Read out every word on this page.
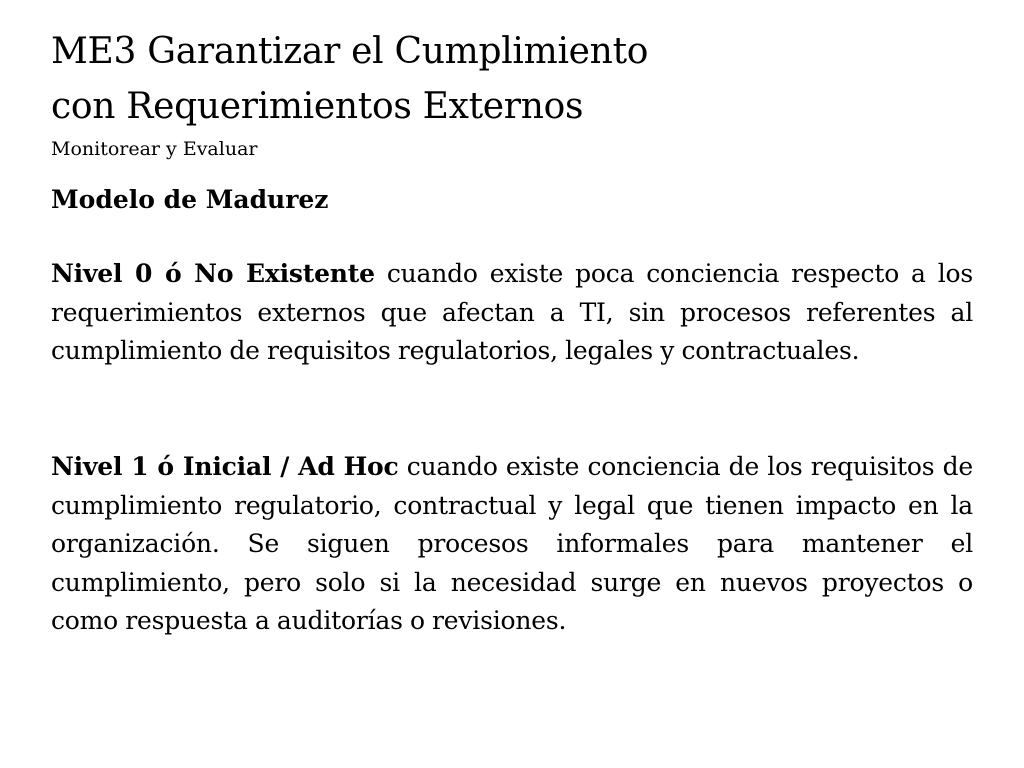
ME3 Garantizar el Cumplimiento
con Requerimientos Externos
Monitorear y Evaluar
Modelo de Madurez

Nivel 0 ó No Existente cuando existe poca conciencia respecto a los requerimientos externos que afectan a TI, sin procesos referentes al cumplimiento de requisitos regulatorios, legales y contractuales.

Nivel 1 ó Inicial / Ad Hoc cuando existe conciencia de los requisitos de cumplimiento regulatorio, contractual y legal que tienen impacto en la organización. Se siguen procesos informales para mantener el cumplimiento, pero solo si la necesidad surge en nuevos proyectos o como respuesta a auditorías o revisiones.
